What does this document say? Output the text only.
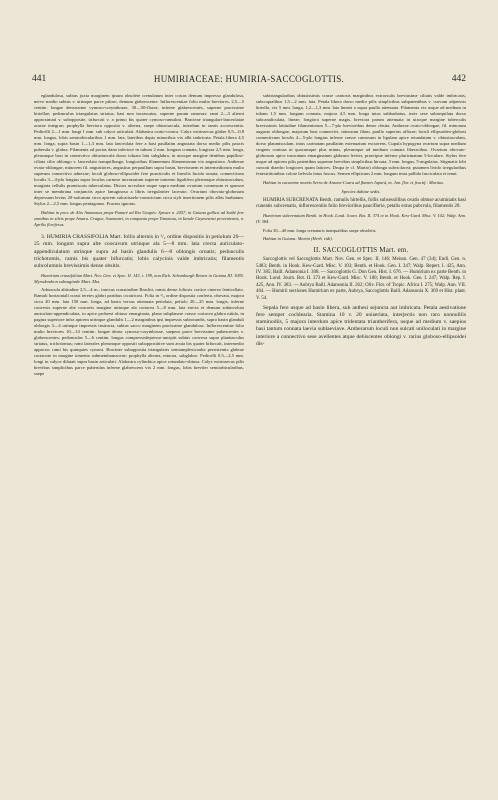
441	HUMIRIACEAE: HUMIRIA-SACCOGLOTTIS.	442

eglandulosa, subtus juxta marginem ipsum obsolete crenulatum inter costas demum impresso glandulosa, nervo medio subtus v. utrinque parce piloso, demum glabrescente. Inflorescentiae folio multo breviores, 2,5—5 centim. longae densissime cymoso-corymbosae, 30—50-florae, inferne glabrescentes, superne parcissime hirtellae; pedunculus triangulatus striatus, basi non incrassatus, superne parum ramosus: rami 2—3 alterni approximati v. subopposite, trifurcati v. a primo bis quater cymoso-ramulosi. Bracteae triangulari-lanceolatae acutae integrae; prophylla breviora opposita v. alterna, saepe obtusiuscula, interdum in ramis accrescentia. Pedicelli 2—1 mm. longi 1 mm. sub calyce articulati. Alabastra ovato-conica. Calyx extrinsecus glaber 0,5—0,8 mm. longus, lobis semiorbicularibus 1 mm. lata, lateribus dupio minoribus vix albi imbricata. Petala libera 4,5 mm. longa, supra basin 1—1,3 mm. lata lanceolata fere a basi paullatim angustata dorso medio pilis paucis puberula v. glabra. Filamenta ad portas dana inferiore in tubum 2 mm. longum connata, longiora 2,5 mm. longa, plerumque basi in connectivo obtusiuscula dorso toluata latu subglabra, in utroque margine dentibus papillosi-ciliata cilio oblongo v. lanceolato tranquillongo, longioribus filamentum filamentorum vix angustiora. Antherae ovato-oblongae, minorem fil. angustiores, angustius perpaullum supra basin, brevioraem et intermediorum multo superum connectivo adnexae; loculi globoso-ellipsoidei fere puncticulis et lineolis Iucida ornata; connectivum loculis 3—4-plo longius supra loculos carnose incrassatum superne tomento ligulifero plerumque obtusiusculum, marginia cellulis promiscuis tuberculatus. Discus urceolare usque supra medium ovarium connexum et spuosse inter se membrana conjunctis apice lanuginosa a libris irregulariter lacerato. Ovarium obovato-globosum depressum levius 20-sulcatum circa apicem sulcatisaelo-constrictum circa styli insertionem pilis albis barbatum. Stylus 2—2,5 mm. longus pentagonus. Fructus ignotus.

Habitat in prov. de Alto Amazonas prope Panuré ad Rio Uaupés: Spruce n. 2457; in Guiana gallica ad Saülë fere omnibus in silvis prope Amaru. Crague, Soumanei, in compania prope Tanontau, in Ianale Cayennensi provenientis, n. Aprilis floriferus.

3. HUMIRIA CRASSIFOLIA Mart. follis alternis in ¹/₂ ordine dispositis in petiolum 20—25 mm. longum supra alte coocavum utrinque ala 5—8 mm. lata crecta auriculato-appendiculatum utrinque supra ad basin glandulis 6—8 oblongis ornatis; pedunculis trichotomis, ramis bis quater bifurcatis; lobis calycinis valde imbricatis; filamentis subcolumnis brevissimis dense obsitis.

Humirium crassifolium Mart. Nov. Gen. et Spec. II. 143. t. 199, non Rich. Schomburgh Reisen in Guiana III. 1095. Myrodendron subvaginale Mart. Mss.

Arbuscula altitudine 2,5—4 m., truncus crassitudine Brachii, ramis dense foliosis cortice cinereo lenticellato. Ramuli horizontali crassi teretes glabri partibus cicatricosi. Folia in ¹/₃ ordine disposita conferta, obovata, majora circa 20 mm. lata 150 mm. longa, ad basin versus attenuata petiolata, petiolo 20—25 mm. longis, inferne convexis superne alte concavis margine utrinque ala coriacea 5—8 mm. lata erecta et demum subinvoluta auriculato-appendiculata, in apice probresi obtuso emarginata, plana subplanare crasse coriacea glabra nitida, in pagina superiore infra apicem utrinque glandulis 1—2 marginibus ipsi impressis subrotundis, supra basin glanduli oblongis 3—4 utrinque impressis instructa, subtus sacco marginem parcissime glandulosa. Inflorescentiae folio multo breviores 10—14 centim. longae dense cymoso-corymbosae, saepeus parce brevissime pubescentes v. glabrescentes; pedunculus 5—6 centim. longus compressodepresso-ancipiti subtus convexa supra planiusculus striatus, trichotomus; rami laterales plerumque oppositi subopposititve sunt acuta bis quater bifurcati, intermedio approxo; rami bis quinquies cymosi. Bracteae subopposita triangularis semiamplexicaulia persistentia glabrae coriaceae in margine tomento submembranaceae; prophylla alterna, minora, subglabro. Pedicelli 0,5—2,5 mm. longi in calyce dilatati supra basin articulati. Alabastra cylindrica apice rotundato-obtusa. Calyx extrinsecus pilis brevibus simplicibus parce puberulus inferne glabrescens vix 2 mm. longus, lobis breviter semiorbicularibus, saepe

subtriangularibus obtusissimis crasse carnosis marginibus extrorsulis breviusime ciliatis valde imbricatis, subcoqualibus 1,5—2 mm. lata. Petala libera dorso medio pilis simplicibus subpatentibus v. curvum adpressis hirtella, vix 5 mm. longa, 1,2—1,3 mm. lata lineari a supra paullo attenuata. Filamenta vix usque ad medium in tubum 1,5 mm. longum connata, majora 4,5 mm. longa intus subbarbatus, inter sese subaequilata dorso subcanaliculata, lineae, longiora superne magis, breviora parum attenuata in utroque margine tuberculis brevissimis latitudine filamentorum 5—7-plo brevioribus dense obsita. Antherae ovato-oblongae, fil. minorum augusto oblongae, majorum basi connectivi, minorum filam. paullo superius affixae; loculi ellipsoideo-globosi connectivum loculis 4—5-plo longius inferne crasse carnosum in ligulam apice retundatam v. obtusiusculam, dorso plaumisculam, intus carinatam paullatim extenuatum excurrens. Cupula hypogyna ovarium supra medium cingens contusa ut quacumque plus minus, plerumque ad medium connata liberacibus. Ovarium obovato-globosum apice truncatum emarginatum glabrum leviter, praecipue inferne plurisinatum 5-loculare. Stylus fere usque ad apicem pilis patentibus supreme brevibus simplicibus hirsuta, 3 mm. longus, 5-angulatus. Stigmatis lobi cuncati diaedro longiores quam latiores. Drupa (e cl. Martio) oblonga subviolacea; putamen livido irregularibus fenestritionibus colore belvulo intus fuscus. Semen ellipticum 2 mm. longum testa pallida fasciculata et tenui.

Habitat in cacumine montis Serra de Araara-Coara ad flumen Japurá, m. Jan. flor. et fructif.: Martius.

Species dubiae sedis.

HUMIRIA SUBCRENATA Benth. ramulis hirtellis, follis subsessilibus ovatis obtuse acuminatis basi cuneatis subcrenatis, inflorescentiis folio brevioribus pauciflorie, petalis extus pubcrula, filamentis 20.

Humirium subcrenatum Benth. in Hook. Lond. Journ. Bot. II. 374 et in Hook. Kew-Gard. Misc. V. 102; Walp. Ann. IV. 384.

Folia 30—40 mm. longa crenaturis inaequalibus saepe obsoletis.

Habitat in Guiana: Martin (Herb. vidi).

II. SACCOGLOTTIS Mart. em.

Saccoglottis vel Saccoglottis Mart. Nov. Gen. et Spec. II. 146; Meissn. Gen. 47 (34); Endl. Gen. n. 5483; Benth. in Hook. Kew-Gard. Misc. V. 103; Benth. et Hook. Gen. I. 247; Walp. Repert. I. 425, Ann. IV. 385; Baill. Adansonia I. 308. — Saccoglottis G. Don Gen. Hist. I. 676. — Humirium ex parte Benth. in Hook. Lond. Journ. Bot. II. 373 et Kew-Gard. Misc. V. 100; Benth. et Hook. Gen. I. 247; Walp. Rep. I. 425, Ann. IV. 383. — Aubrya Baill. Adansonia II. 262; Oliv. Flor. of Tropic. Africa I. 275; Walp. Ann. VII. 464. — Humirii sectiones Humirium ex parte, Aubrya, Saccoglottis Baill. Adansonia X. 369 et Hist. plant. V. 54.

Sepala fere usque ad basin libera, sub anthesi sejuncta aut imbricata. Petala aestivatione fere semper cochlearia. Stamina 10 v. 20 uniseriata, interjectis non raro nonnulliis staminodiis, 5 majora interdum apice tridentata triantherifera, usque ad medium v. saepius basi tantum connata laevia sublaeviave. Antherarum loculi non sulcati uniloculati in margine interiore a connectivo sese avellentes atque dehiscentes oblongi v. rarius globoso-ellipsoidei dis-
